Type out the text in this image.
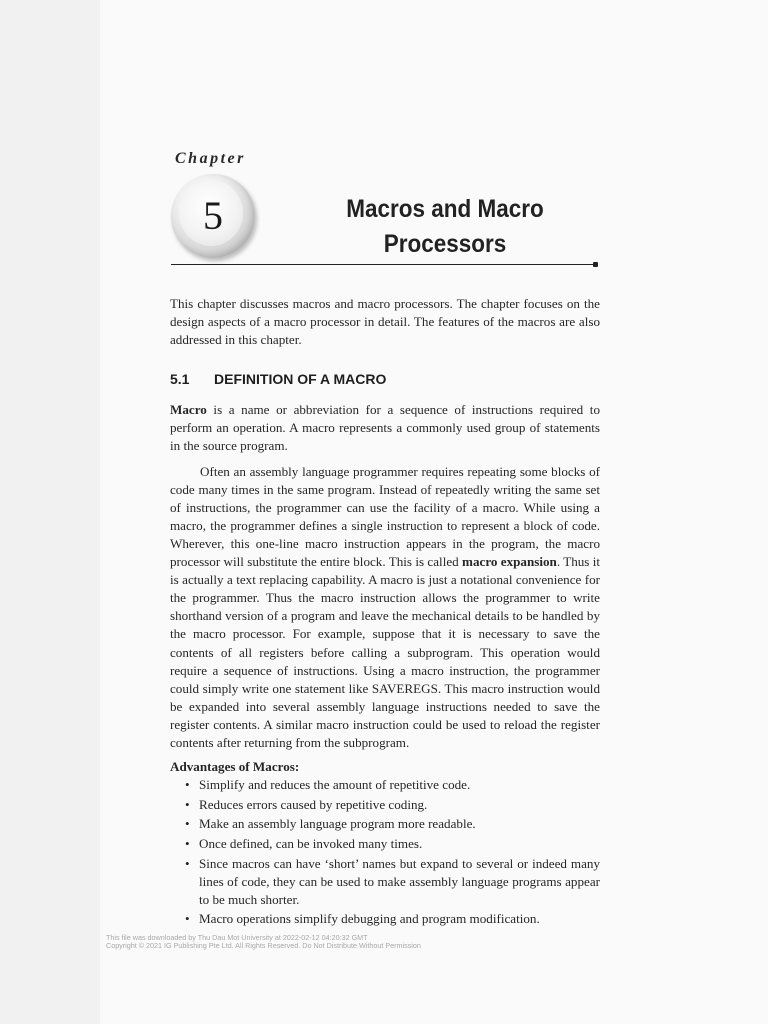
Chapter
5	Macros and Macro
Processors

This chapter discusses macros and macro processors. The chapter focuses on the design aspects of a macro processor in detail. The features of the macros are also addressed in this chapter.

5.1	DEFINITION OF A MACRO

Macro is a name or abbreviation for a sequence of instructions required to perform an operation. A macro represents a commonly used group of statements in the source program.

Often an assembly language programmer requires repeating some blocks of code many times in the same program. Instead of repeatedly writing the same set of instructions, the programmer can use the facility of a macro. While using a macro, the programmer defines a single instruction to represent a block of code. Wherever, this one-line macro instruction appears in the program, the macro processor will substitute the entire block. This is called macro expansion. Thus it is actually a text replacing capability. A macro is just a notational convenience for the programmer. Thus the macro instruction allows the programmer to write shorthand version of a program and leave the mechanical details to be handled by the macro processor. For example, suppose that it is necessary to save the contents of all registers before calling a subprogram. This operation would require a sequence of instructions. Using a macro instruction, the programmer could simply write one statement like SAVEREGS. This macro instruction would be expanded into several assembly language instructions needed to save the register contents. A similar macro instruction could be used to reload the register contents after returning from the subprogram.

Advantages of Macros:

• Simplify and reduces the amount of repetitive code.
• Reduces errors caused by repetitive coding.
• Make an assembly language program more readable.
• Once defined, can be invoked many times.
• Since macros can have ‘short’ names but expand to several or indeed many lines of code, they can be used to make assembly language programs appear to be much shorter.
• Macro operations simplify debugging and program modification.
This file was downloaded by Thu Dau Mot University at 2022-02-12 04:20:32 GMT
Copyright © 2021 IG Publishing Pte Ltd. All Rights Reserved. Do Not Distribute Without Permission
